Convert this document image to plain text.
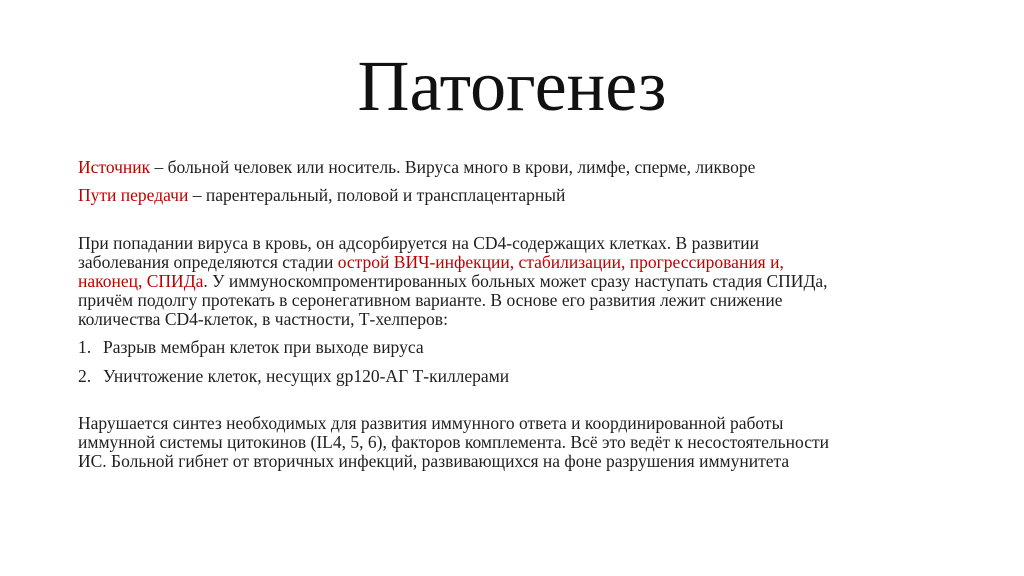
Патогенез

Источник – больной человек или носитель. Вируса много в крови, лимфе, сперме, ликворе

Пути передачи – парентеральный, половой и трансплацентарный

При попадании вируса в кровь, он адсорбируется на CD4-содержащих клетках. В развитии

заболевания определяются стадии острой ВИЧ-инфекции, стабилизации, прогрессирования и,

наконец, СПИДа. У иммуноскомпроментированных больных может сразу наступать стадия СПИДа,

причём подолгу протекать в серонегативном варианте. В основе его развития лежит снижение

количества CD4-клеток, в частности, Т-хелперов:

1. Разрыв мембран клеток при выходе вируса

2. Уничтожение клеток, несущих gp120-АГ Т-киллерами

Нарушается синтез необходимых для развития иммунного ответа и координированной работы

иммунной системы цитокинов (IL4, 5, 6), факторов комплемента. Всё это ведёт к несостоятельности

ИС. Больной гибнет от вторичных инфекций, развивающихся на фоне разрушения иммунитета
